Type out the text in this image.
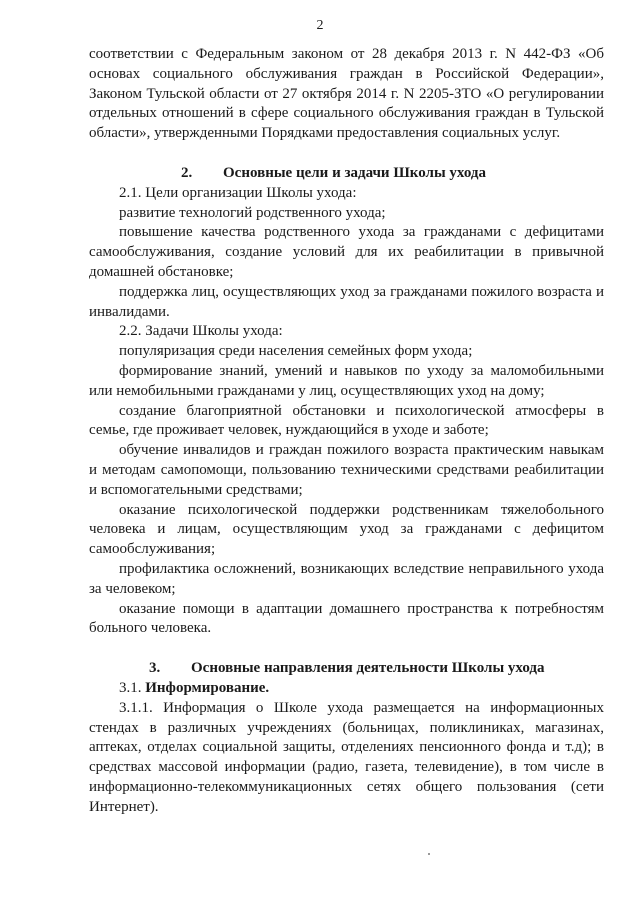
2

соответствии с Федеральным законом от 28 декабря 2013 г. N 442-ФЗ «Об основах социального обслуживания граждан в Российской Федерации», Законом Тульской области от 27 октября 2014 г. N 2205-ЗТО «О регулировании отдельных отношений в сфере социального обслуживания граждан в Тульской области», утвержденными Порядками предоставления социальных услуг.

2. Основные цели и задачи Школы ухода

2.1. Цели организации Школы ухода:

развитие технологий родственного ухода;

повышение качества родственного ухода за гражданами с дефицитами самообслуживания, создание условий для их реабилитации в привычной домашней обстановке;

поддержка лиц, осуществляющих уход за гражданами пожилого возраста и инвалидами.

2.2. Задачи Школы ухода:

популяризация среди населения семейных форм ухода;

формирование знаний, умений и навыков по уходу за маломобильными или немобильными гражданами у лиц, осуществляющих уход на дому;

создание благоприятной обстановки и психологической атмосферы в семье, где проживает человек, нуждающийся в уходе и заботе;

обучение инвалидов и граждан пожилого возраста практическим навыкам и методам самопомощи, пользованию техническими средствами реабилитации и вспомогательными средствами;

оказание психологической поддержки родственникам тяжелобольного человека и лицам, осуществляющим уход за гражданами с дефицитом самообслуживания;

профилактика осложнений, возникающих вследствие неправильного ухода за человеком;

оказание помощи в адаптации домашнего пространства к потребностям больного человека.

3. Основные направления деятельности Школы ухода

3.1. Информирование.

3.1.1. Информация о Школе ухода размещается на информационных стендах в различных учреждениях (больницах, поликлиниках, магазинах, аптеках, отделах социальной защиты, отделениях пенсионного фонда и т.д); в средствах массовой информации (радио, газета, телевидение), в том числе в информационно-телекоммуникационных сетях общего пользования (сети Интернет).
